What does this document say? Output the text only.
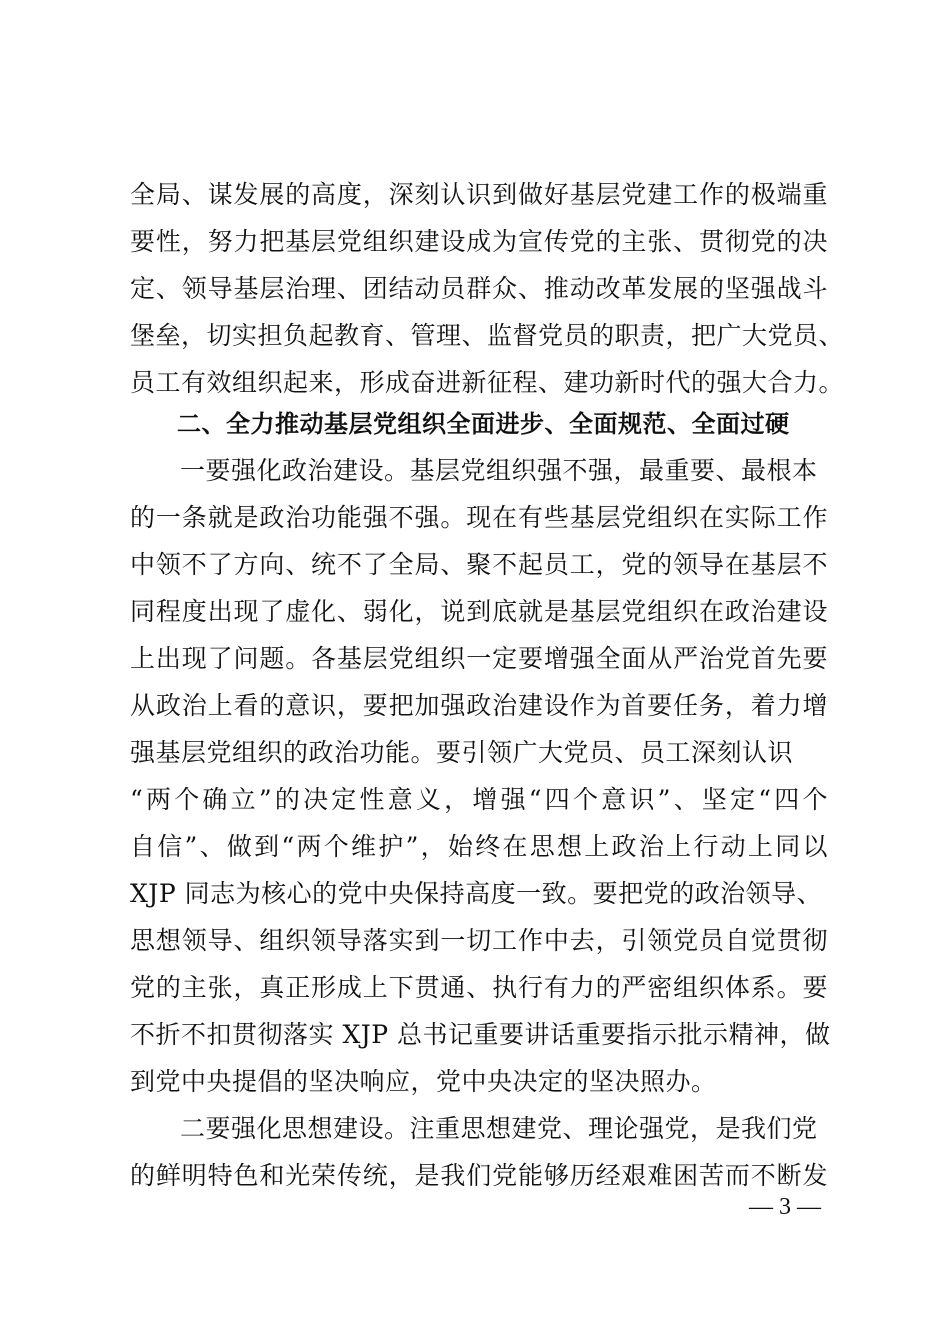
全局、谋发展的高度，深刻认识到做好基层党建工作的极端重
要性，努力把基层党组织建设成为宣传党的主张、贯彻党的决
定、领导基层治理、团结动员群众、推动改革发展的坚强战斗
堡垒，切实担负起教育、管理、监督党员的职责，把广大党员、
员工有效组织起来，形成奋进新征程、建功新时代的强大合力。
二、全力推动基层党组织全面进步、全面规范、全面过硬
一要强化政治建设。基层党组织强不强，最重要、最根本
的一条就是政治功能强不强。现在有些基层党组织在实际工作
中领不了方向、统不了全局、聚不起员工，党的领导在基层不
同程度出现了虚化、弱化，说到底就是基层党组织在政治建设
上出现了问题。各基层党组织一定要增强全面从严治党首先要
从政治上看的意识，要把加强政治建设作为首要任务，着力增
强基层党组织的政治功能。要引领广大党员、员工深刻认识
“两个确立”的决定性意义，增强“四个意识”、坚定“四个
自信”、做到“两个维护”，始终在思想上政治上行动上同以
XJP 同志为核心的党中央保持高度一致。要把党的政治领导、
思想领导、组织领导落实到一切工作中去，引领党员自觉贯彻
党的主张，真正形成上下贯通、执行有力的严密组织体系。要
不折不扣贯彻落实 XJP 总书记重要讲话重要指示批示精神，做
到党中央提倡的坚决响应，党中央决定的坚决照办。
二要强化思想建设。注重思想建党、理论强党，是我们党
的鲜明特色和光荣传统，是我们党能够历经艰难困苦而不断发
— 3 —
